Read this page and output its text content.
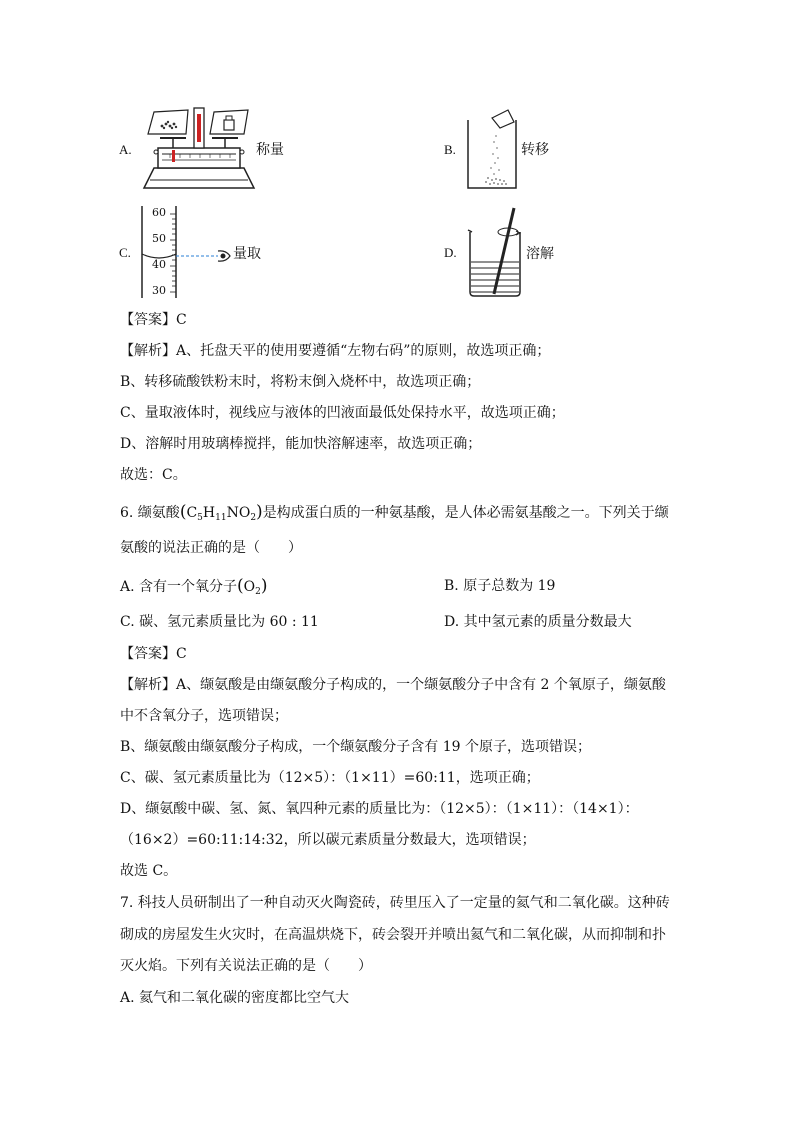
A.	称量	B.	转移
C.
60
50
40
30
量取	D.	溶解
【答案】C
【解析】A、托盘天平的使用要遵循“左物右码”的原则，故选项正确；
B、转移硫酸铁粉末时，将粉末倒入烧杯中，故选项正确；
C、量取液体时，视线应与液体的凹液面最低处保持水平，故选项正确；
D、溶解时用玻璃棒搅拌，能加快溶解速率，故选项正确；
故选：C。
6. 缬氨酸$(C_5H_{11}NO_2)$是构成蛋白质的一种氨基酸，是人体必需氨基酸之一。下列关于缬
氨酸的说法正确的是（　　）
A. 含有一个氧分子$(O_2)$	B. 原子总数为 19
C. 碳、氢元素质量比为 60 : 11	D. 其中氢元素的质量分数最大
【答案】C
【解析】A、缬氨酸是由缬氨酸分子构成的，一个缬氨酸分子中含有 2 个氧原子，缬氨酸
中不含氧分子，选项错误；
B、缬氨酸由缬氨酸分子构成，一个缬氨酸分子含有 19 个原子，选项错误；
C、碳、氢元素质量比为（12×5）：（1×11）=60:11，选项正确；
D、缬氨酸中碳、氢、氮、氧四种元素的质量比为：（12×5）：（1×11）：（14×1）：
（16×2）=60:11:14:32，所以碳元素质量分数最大，选项错误；
故选 C。
7. 科技人员研制出了一种自动灭火陶瓷砖，砖里压入了一定量的氦气和二氧化碳。这种砖
砌成的房屋发生火灾时，在高温烘烧下，砖会裂开并喷出氦气和二氧化碳，从而抑制和扑
灭火焰。下列有关说法正确的是（　　）
A. 氦气和二氧化碳的密度都比空气大
